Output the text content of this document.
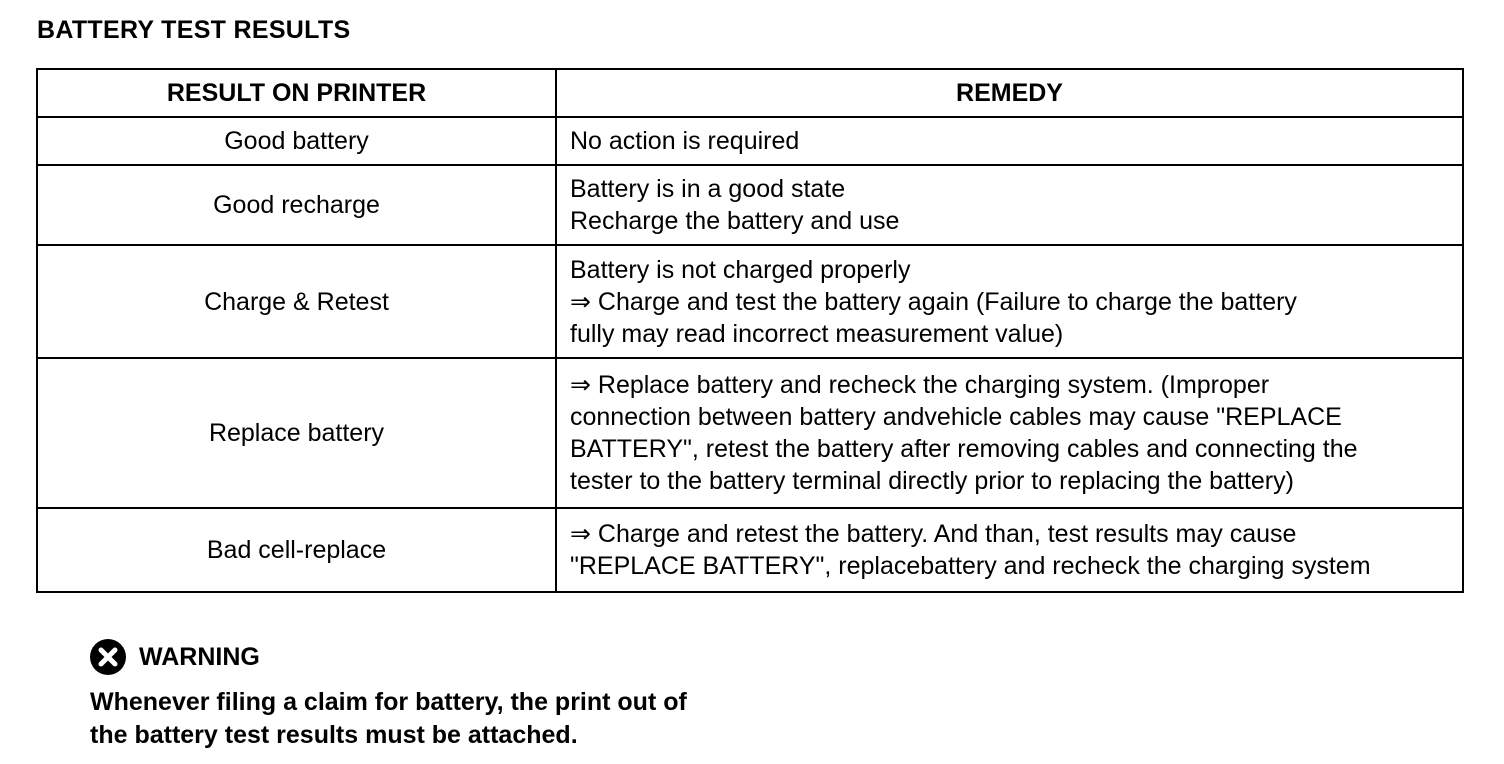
BATTERY TEST RESULTS
RESULT ON PRINTER	REMEDY
Good battery	No action is required

Good recharge	Battery is in a good state
Recharge the battery and use

Charge & Retest	Battery is not charged properly
⇒ Charge and test the battery again (Failure to charge the battery
fully may read incorrect measurement value)

Replace battery	⇒ Replace battery and recheck the charging system. (Improper
connection between battery andvehicle cables may cause "REPLACE
BATTERY", retest the battery after removing cables and connecting the
tester to the battery terminal directly prior to replacing the battery)

Bad cell-replace	⇒ Charge and retest the battery. And than, test results may cause
"REPLACE BATTERY", replacebattery and recheck the charging system
WARNING
Whenever filing a claim for battery, the print out of
the battery test results must be attached.
